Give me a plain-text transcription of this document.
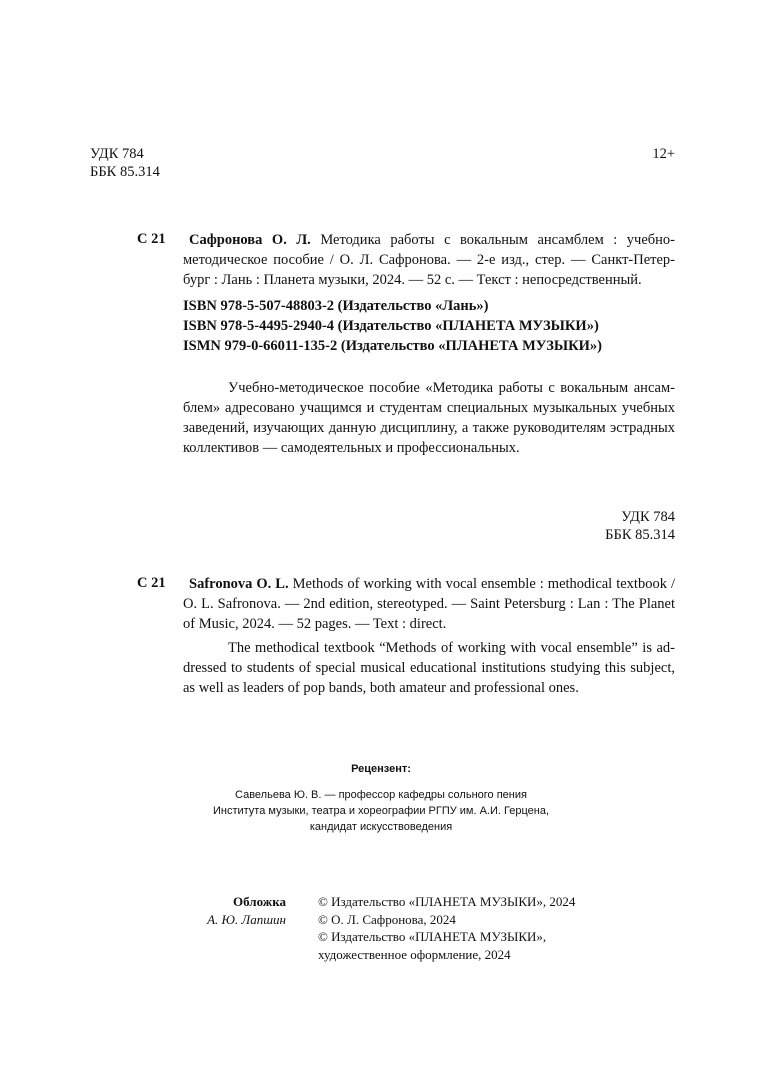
УДК 784
ББК 85.314
12+
С 21 Сафронова О. Л. Методика работы с вокальным ансамблем : учебно-
методическое пособие / О. Л. Сафронова. — 2-е изд., стер. — Санкт-Петер-
бург : Лань : Планета музыки, 2024. — 52 с. — Текст : непосредственный.
ISBN 978-5-507-48803-2 (Издательство «Лань»)
ISBN 978-5-4495-2940-4 (Издательство «ПЛАНЕТА МУЗЫКИ»)
ISMN 979-0-66011-135-2 (Издательство «ПЛАНЕТА МУЗЫКИ»)
Учебно-методическое пособие «Методика работы с вокальным ансам-
блем» адресовано учащимся и студентам специальных музыкальных учебных
заведений, изучающих данную дисциплину, а также руководителям эстрадных
коллективов — самодеятельных и профессиональных.
УДК 784
ББК 85.314
С 21 Safronova O. L. Methods of working with vocal ensemble : methodical textbook /
O. L. Safronova. — 2nd edition, stereotyped. — Saint Petersburg : Lan : The Planet
of Music, 2024. — 52 pages. — Text : direct.
The methodical textbook “Methods of working with vocal ensemble” is ad-
dressed to students of special musical educational institutions studying this subject,
as well as leaders of pop bands, both amateur and professional ones.
Рецензент:
Савельева Ю. В. — профессор кафедры сольного пения
Института музыки, театра и хореографии РГПУ им. А.И. Герцена,
кандидат искусствоведения
Обложка
А. Ю. Лапшин
© Издательство «ПЛАНЕТА МУЗЫКИ», 2024
© О. Л. Сафронова, 2024
© Издательство «ПЛАНЕТА МУЗЫКИ»,
художественное оформление, 2024
